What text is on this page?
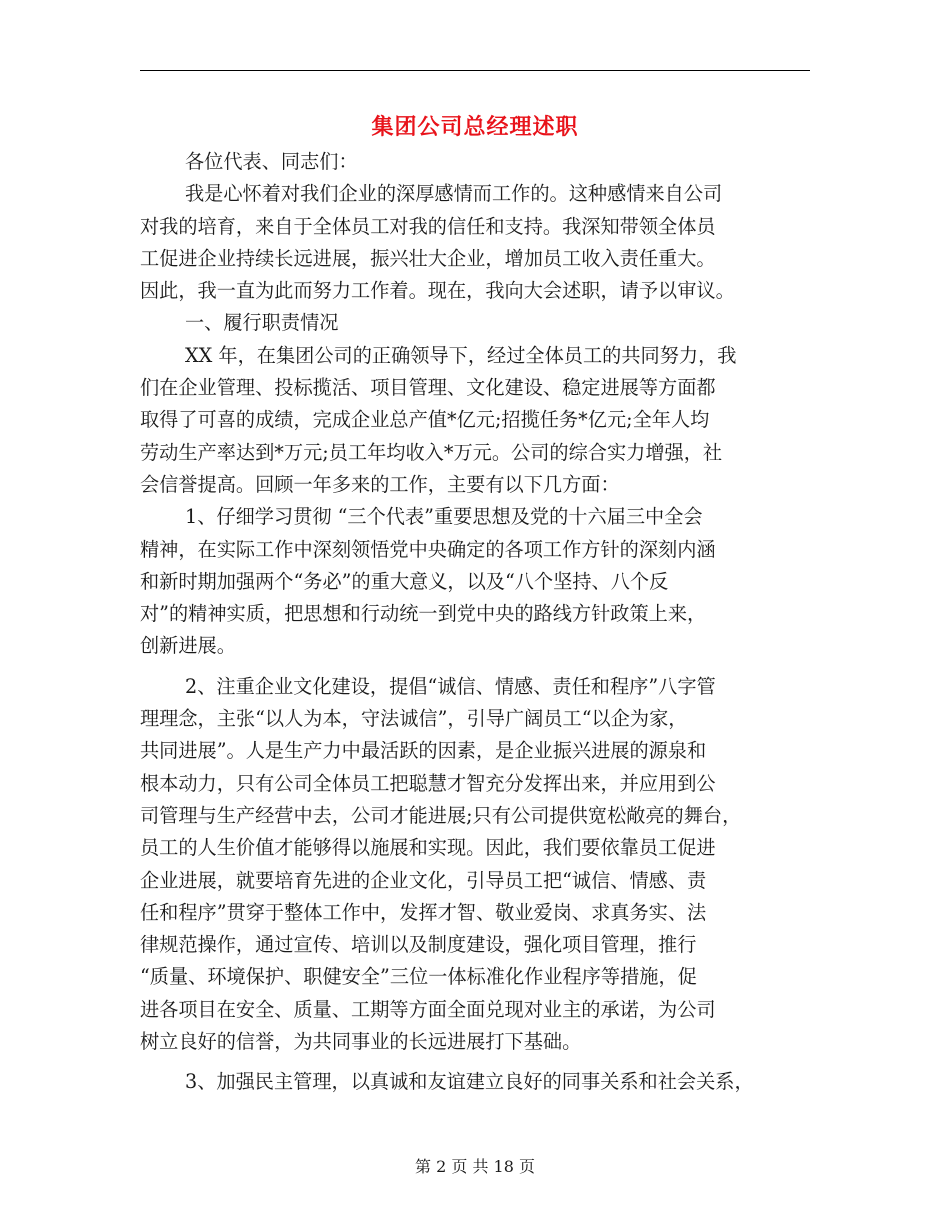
集团公司总经理述职
各位代表、同志们：
我是心怀着对我们企业的深厚感情而工作的。这种感情来自公司
对我的培育，来自于全体员工对我的信任和支持。我深知带领全体员
工促进企业持续长远进展，振兴壮大企业，增加员工收入责任重大。
因此，我一直为此而努力工作着。现在，我向大会述职，请予以审议。
一、履行职责情况
XX 年，在集团公司的正确领导下，经过全体员工的共同努力，我
们在企业管理、投标揽活、项目管理、文化建设、稳定进展等方面都
取得了可喜的成绩，完成企业总产值*亿元;招揽任务*亿元;全年人均
劳动生产率达到*万元;员工年均收入*万元。公司的综合实力增强，社
会信誉提高。回顾一年多来的工作，主要有以下几方面：
1、仔细学习贯彻 “三个代表”重要思想及党的十六届三中全会
精神，在实际工作中深刻领悟党中央确定的各项工作方针的深刻内涵
和新时期加强两个“务必”的重大意义，以及“八个坚持、八个反
对”的精神实质，把思想和行动统一到党中央的路线方针政策上来，
创新进展。
2、注重企业文化建设，提倡“诚信、情感、责任和程序”八字管
理理念，主张“以人为本，守法诚信”，引导广阔员工“以企为家，
共同进展”。人是生产力中最活跃的因素，是企业振兴进展的源泉和
根本动力，只有公司全体员工把聪慧才智充分发挥出来，并应用到公
司管理与生产经营中去，公司才能进展;只有公司提供宽松敞亮的舞台，
员工的人生价值才能够得以施展和实现。因此，我们要依靠员工促进
企业进展，就要培育先进的企业文化，引导员工把“诚信、情感、责
任和程序”贯穿于整体工作中，发挥才智、敬业爱岗、求真务实、法
律规范操作，通过宣传、培训以及制度建设，强化项目管理，推行
“质量、环境保护、职健安全”三位一体标准化作业程序等措施，促
进各项目在安全、质量、工期等方面全面兑现对业主的承诺，为公司
树立良好的信誉，为共同事业的长远进展打下基础。
3、加强民主管理，以真诚和友谊建立良好的同事关系和社会关系，
第 2 页 共 18 页
